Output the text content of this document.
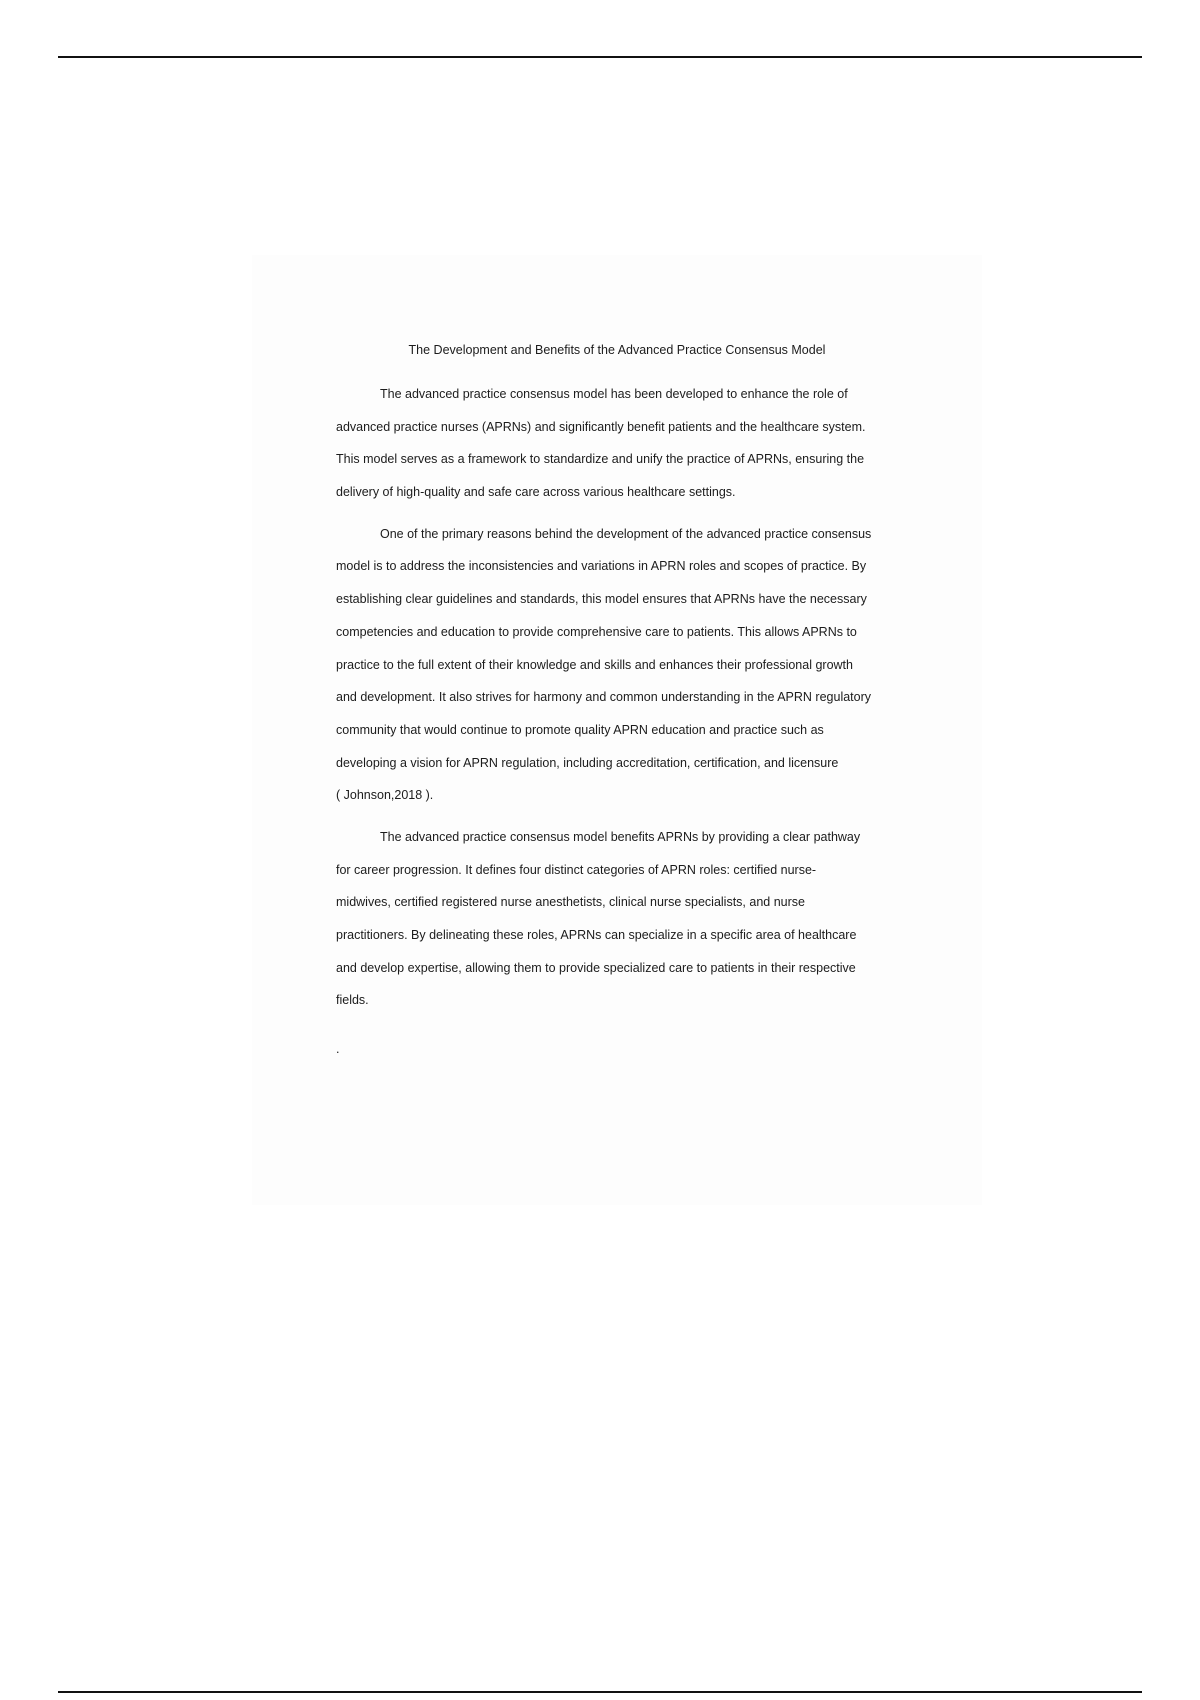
The Development and Benefits of the Advanced Practice Consensus Model
The advanced practice consensus model has been developed to enhance the role of
advanced practice nurses (APRNs) and significantly benefit patients and the healthcare system.
This model serves as a framework to standardize and unify the practice of APRNs, ensuring the
delivery of high-quality and safe care across various healthcare settings.
One of the primary reasons behind the development of the advanced practice consensus
model is to address the inconsistencies and variations in APRN roles and scopes of practice. By
establishing clear guidelines and standards, this model ensures that APRNs have the necessary
competencies and education to provide comprehensive care to patients. This allows APRNs to
practice to the full extent of their knowledge and skills and enhances their professional growth
and development. It also strives for harmony and common understanding in the APRN regulatory
community that would continue to promote quality APRN education and practice such as
developing a vision for APRN regulation, including accreditation, certification, and licensure
( Johnson,2018 ).
The advanced practice consensus model benefits APRNs by providing a clear pathway
for career progression. It defines four distinct categories of APRN roles: certified nurse-
midwives, certified registered nurse anesthetists, clinical nurse specialists, and nurse
practitioners. By delineating these roles, APRNs can specialize in a specific area of healthcare
and develop expertise, allowing them to provide specialized care to patients in their respective
fields.
.
